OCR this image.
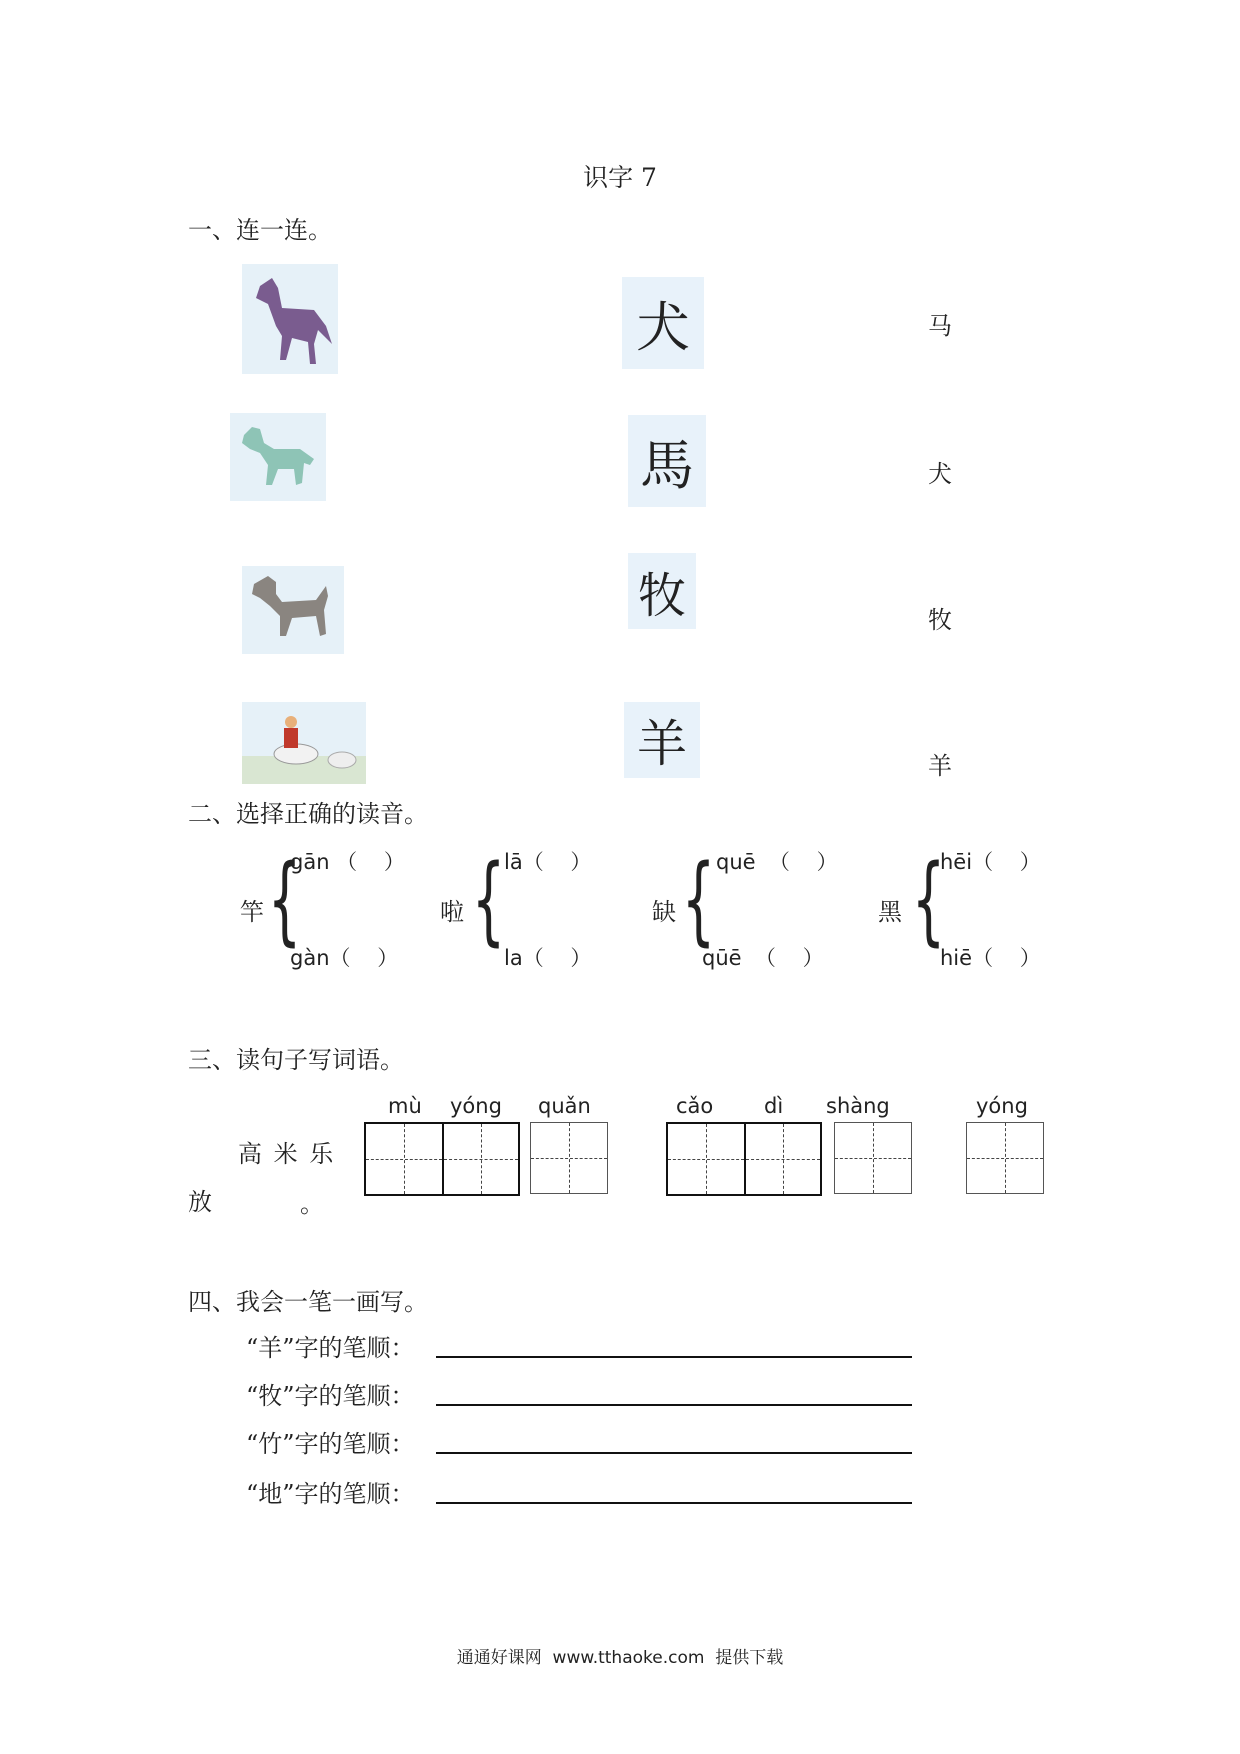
识字 7
一、连一连。
犬
馬
牧
羊
马
犬
牧
羊
二、选择正确的读音。
竿 {
gān （    ）
gàn（    ）
啦 {
lā（    ）
la（    ）
缺 { quē  （    ）
qūē  （    ）
黑 {
hēi（    ）
hiē（    ）
三、读句子写词语。
mù yóng quǎn	cǎo dì shàng	yóng
高 米 乐
放	。
四、我会一笔一画写。
“羊”字的笔顺：
“牧”字的笔顺：
“竹”字的笔顺：
“地”字的笔顺：
通通好课网  www.tthaoke.com  提供下载
